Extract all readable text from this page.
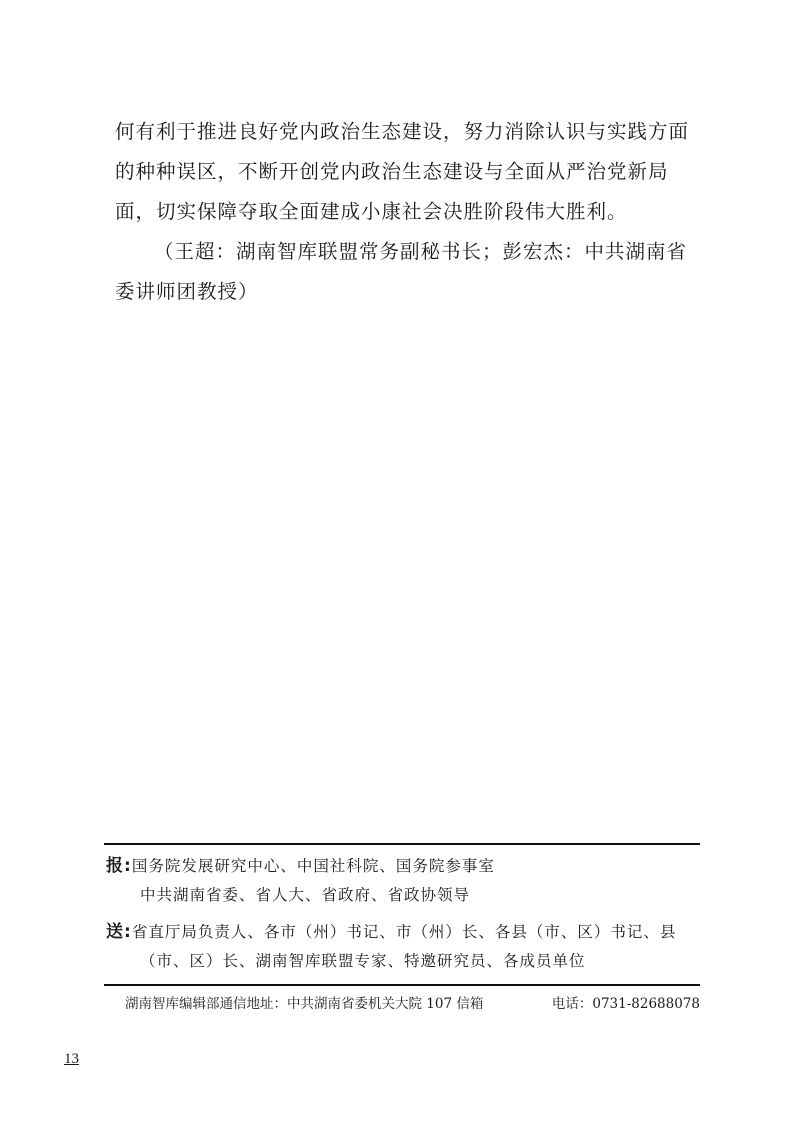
何有利于推进良好党内政治生态建设，努力消除认识与实践方面的种种误区，不断开创党内政治生态建设与全面从严治党新局面，切实保障夺取全面建成小康社会决胜阶段伟大胜利。

（王超：湖南智库联盟常务副秘书长；彭宏杰：中共湖南省委讲师团教授）

报:国务院发展研究中心、中国社科院、国务院参事室
中共湖南省委、省人大、省政府、省政协领导
送:省直厅局负责人、各市（州）书记、市（州）长、各县（市、区）书记、县
（市、区）长、湖南智库联盟专家、特邀研究员、各成员单位
湖南智库编辑部通信地址：中共湖南省委机关大院 107 信箱	电话：0731-82688078
13
